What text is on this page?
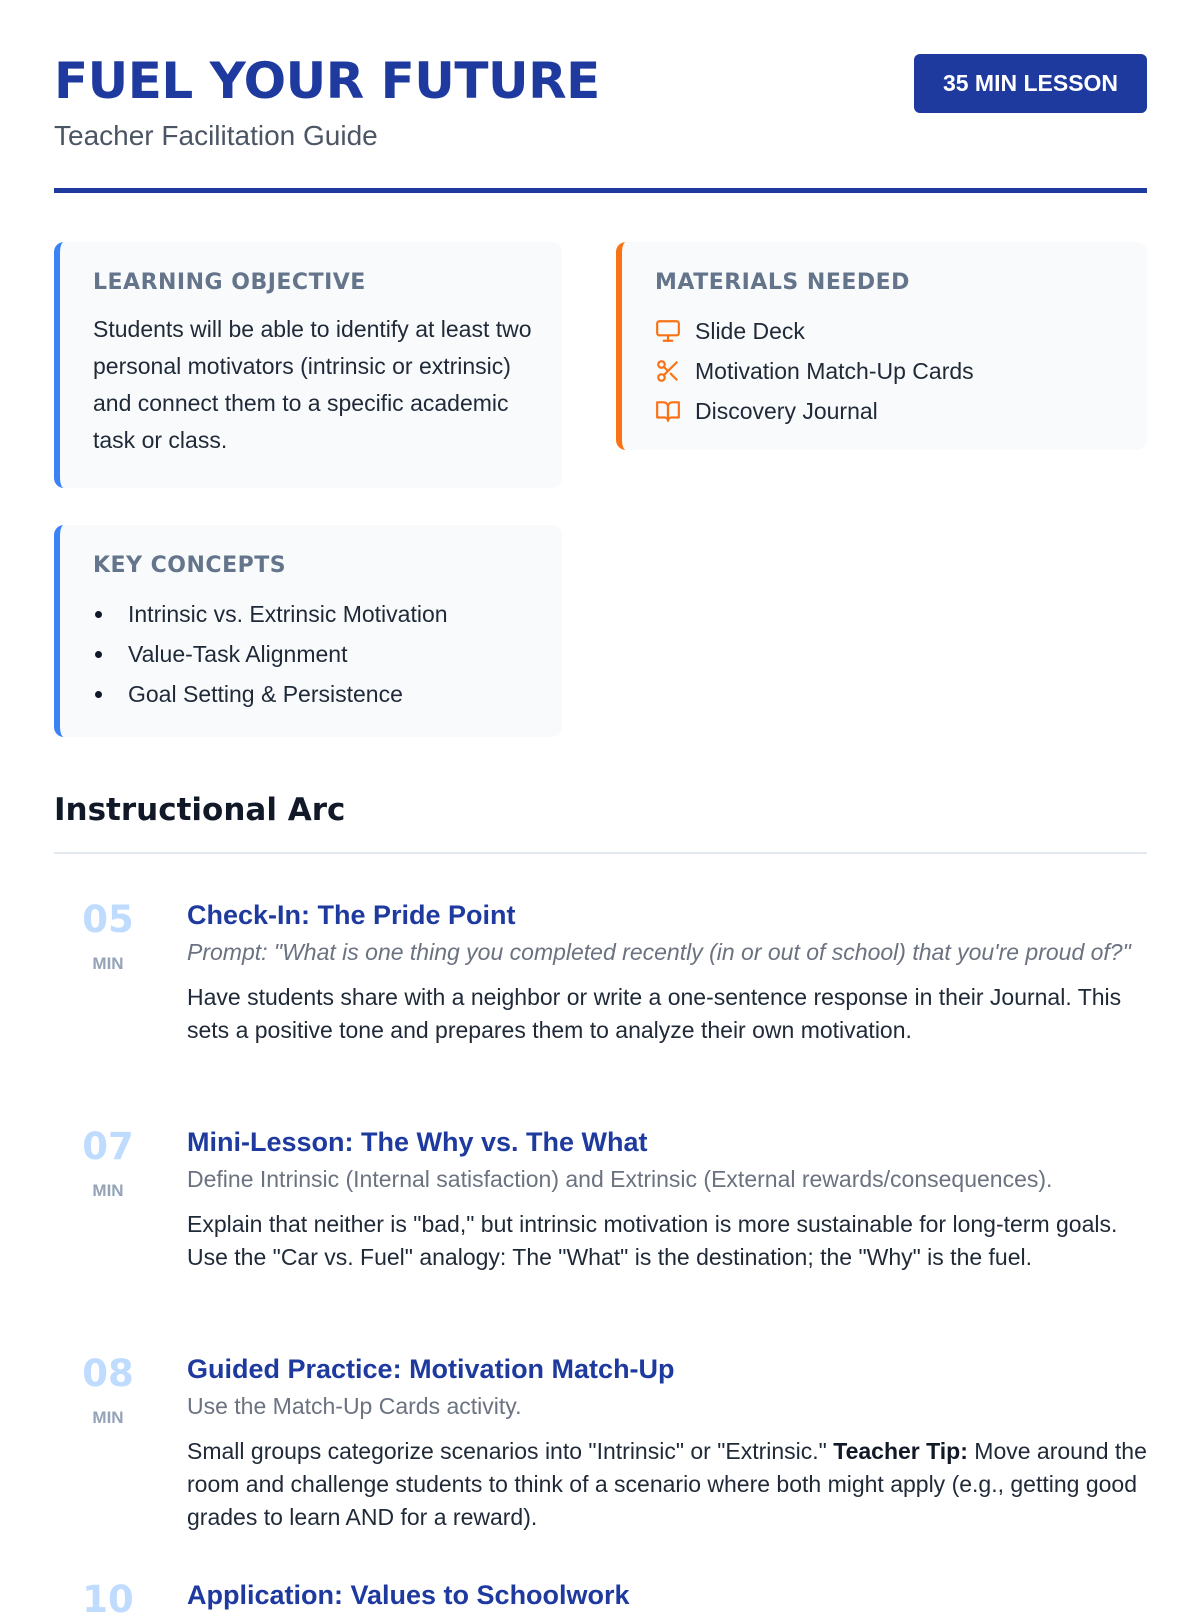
FUEL YOUR FUTURE
Teacher Facilitation Guide
35 MIN LESSON
LEARNING OBJECTIVE

Students will be able to identify at least two personal motivators (intrinsic or extrinsic) and connect them to a specific academic task or class.

MATERIALS NEEDED
Slide Deck
Motivation Match-Up Cards
Discovery Journal
KEY CONCEPTS
Intrinsic vs. Extrinsic Motivation
Value-Task Alignment
Goal Setting & Persistence
Instructional Arc
05
MIN
Check-In: The Pride Point

Prompt: "What is one thing you completed recently (in or out of school) that you're proud of?"

Have students share with a neighbor or write a one-sentence response in their Journal. This sets a positive tone and prepares them to analyze their own motivation.

07
MIN
Mini-Lesson: The Why vs. The What

Define Intrinsic (Internal satisfaction) and Extrinsic (External rewards/consequences).

Explain that neither is "bad," but intrinsic motivation is more sustainable for long-term goals. Use the "Car vs. Fuel" analogy: The "What" is the destination; the "Why" is the fuel.

08
MIN
Guided Practice: Motivation Match-Up

Use the Match-Up Cards activity.

Small groups categorize scenarios into "Intrinsic" or "Extrinsic." Teacher Tip: Move around the room and challenge students to think of a scenario where both might apply (e.g., getting good grades to learn AND for a reward).

10 Application: Values to Schoolwork
